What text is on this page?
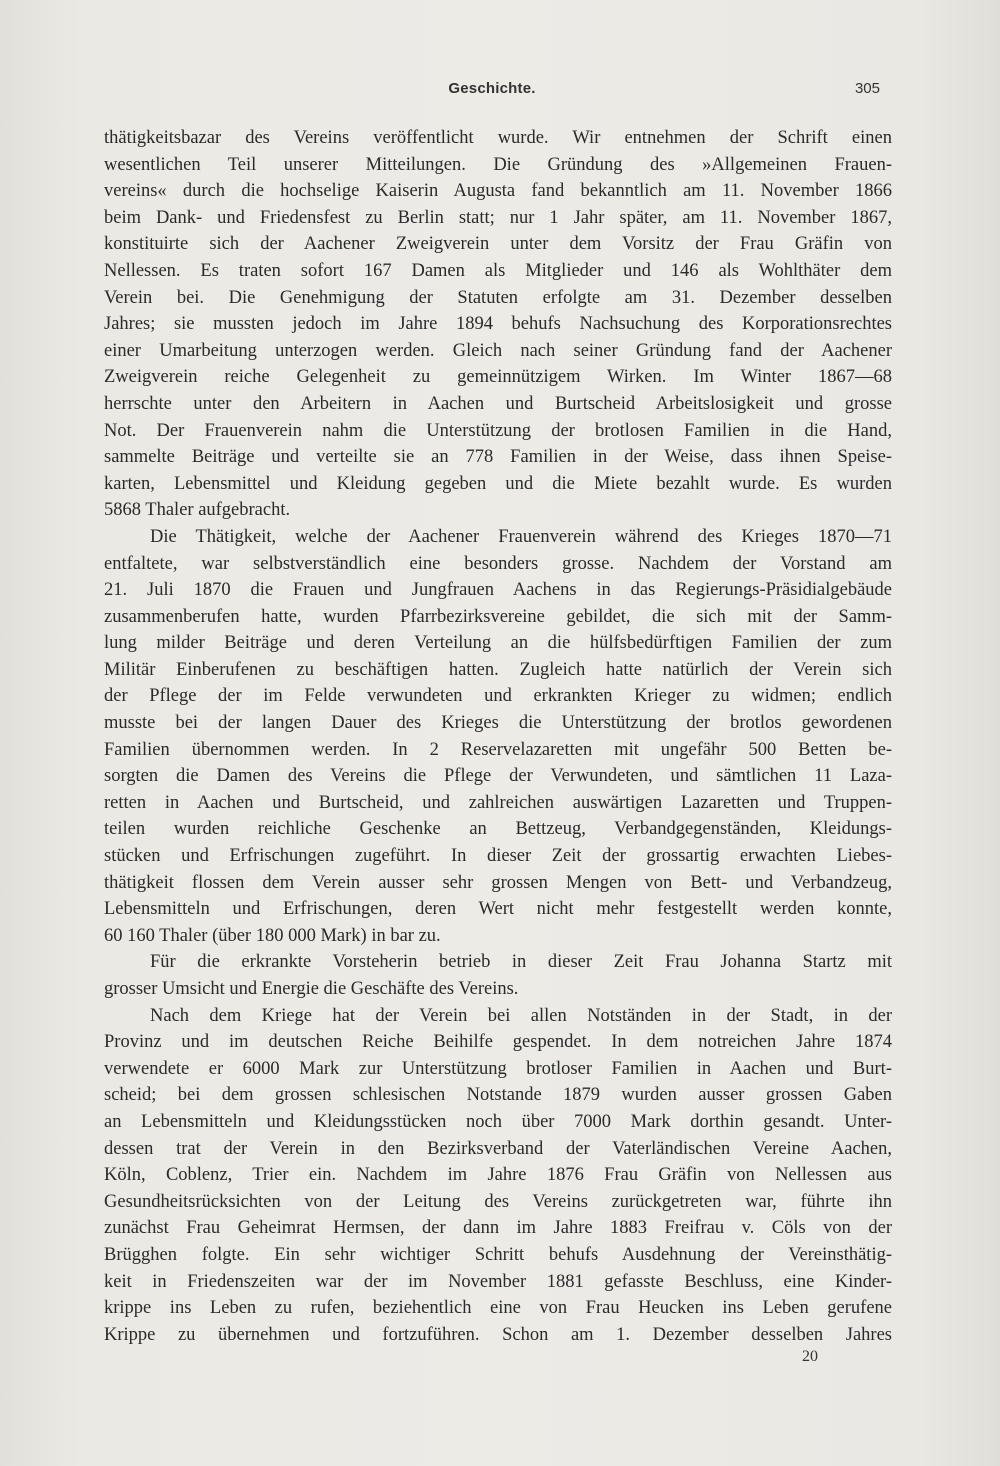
Geschichte.	305
thätigkeitsbazar des Vereins veröffentlicht wurde. Wir entnehmen der Schrift einen
wesentlichen Teil unserer Mitteilungen. Die Gründung des »Allgemeinen Frauen-
vereins« durch die hochselige Kaiserin Augusta fand bekanntlich am 11. November 1866
beim Dank- und Friedensfest zu Berlin statt; nur 1 Jahr später, am 11. November 1867,
konstituirte sich der Aachener Zweigverein unter dem Vorsitz der Frau Gräfin von
Nellessen. Es traten sofort 167 Damen als Mitglieder und 146 als Wohlthäter dem
Verein bei. Die Genehmigung der Statuten erfolgte am 31. Dezember desselben
Jahres; sie mussten jedoch im Jahre 1894 behufs Nachsuchung des Korporationsrechtes
einer Umarbeitung unterzogen werden. Gleich nach seiner Gründung fand der Aachener
Zweigverein reiche Gelegenheit zu gemeinnützigem Wirken. Im Winter 1867—68
herrschte unter den Arbeitern in Aachen und Burtscheid Arbeitslosigkeit und grosse
Not. Der Frauenverein nahm die Unterstützung der brotlosen Familien in die Hand,
sammelte Beiträge und verteilte sie an 778 Familien in der Weise, dass ihnen Speise-
karten, Lebensmittel und Kleidung gegeben und die Miete bezahlt wurde. Es wurden
5868 Thaler aufgebracht.
Die Thätigkeit, welche der Aachener Frauenverein während des Krieges 1870—71
entfaltete, war selbstverständlich eine besonders grosse. Nachdem der Vorstand am
21. Juli 1870 die Frauen und Jungfrauen Aachens in das Regierungs-Präsidialgebäude
zusammenberufen hatte, wurden Pfarrbezirksvereine gebildet, die sich mit der Samm-
lung milder Beiträge und deren Verteilung an die hülfsbedürftigen Familien der zum
Militär Einberufenen zu beschäftigen hatten. Zugleich hatte natürlich der Verein sich
der Pflege der im Felde verwundeten und erkrankten Krieger zu widmen; endlich
musste bei der langen Dauer des Krieges die Unterstützung der brotlos gewordenen
Familien übernommen werden. In 2 Reservelazaretten mit ungefähr 500 Betten be-
sorgten die Damen des Vereins die Pflege der Verwundeten, und sämtlichen 11 Laza-
retten in Aachen und Burtscheid, und zahlreichen auswärtigen Lazaretten und Truppen-
teilen wurden reichliche Geschenke an Bettzeug, Verbandgegenständen, Kleidungs-
stücken und Erfrischungen zugeführt. In dieser Zeit der grossartig erwachten Liebes-
thätigkeit flossen dem Verein ausser sehr grossen Mengen von Bett- und Verbandzeug,
Lebensmitteln und Erfrischungen, deren Wert nicht mehr festgestellt werden konnte,
60 160 Thaler (über 180 000 Mark) in bar zu.
Für die erkrankte Vorsteherin betrieb in dieser Zeit Frau Johanna Startz mit
grosser Umsicht und Energie die Geschäfte des Vereins.
Nach dem Kriege hat der Verein bei allen Notständen in der Stadt, in der
Provinz und im deutschen Reiche Beihilfe gespendet. In dem notreichen Jahre 1874
verwendete er 6000 Mark zur Unterstützung brotloser Familien in Aachen und Burt-
scheid; bei dem grossen schlesischen Notstande 1879 wurden ausser grossen Gaben
an Lebensmitteln und Kleidungsstücken noch über 7000 Mark dorthin gesandt. Unter-
dessen trat der Verein in den Bezirksverband der Vaterländischen Vereine Aachen,
Köln, Coblenz, Trier ein. Nachdem im Jahre 1876 Frau Gräfin von Nellessen aus
Gesundheitsrücksichten von der Leitung des Vereins zurückgetreten war, führte ihn
zunächst Frau Geheimrat Hermsen, der dann im Jahre 1883 Freifrau v. Cöls von der
Brügghen folgte. Ein sehr wichtiger Schritt behufs Ausdehnung der Vereinsthätig-
keit in Friedenszeiten war der im November 1881 gefasste Beschluss, eine Kinder-
krippe ins Leben zu rufen, beziehentlich eine von Frau Heucken ins Leben gerufene
Krippe zu übernehmen und fortzuführen. Schon am 1. Dezember desselben Jahres
20
